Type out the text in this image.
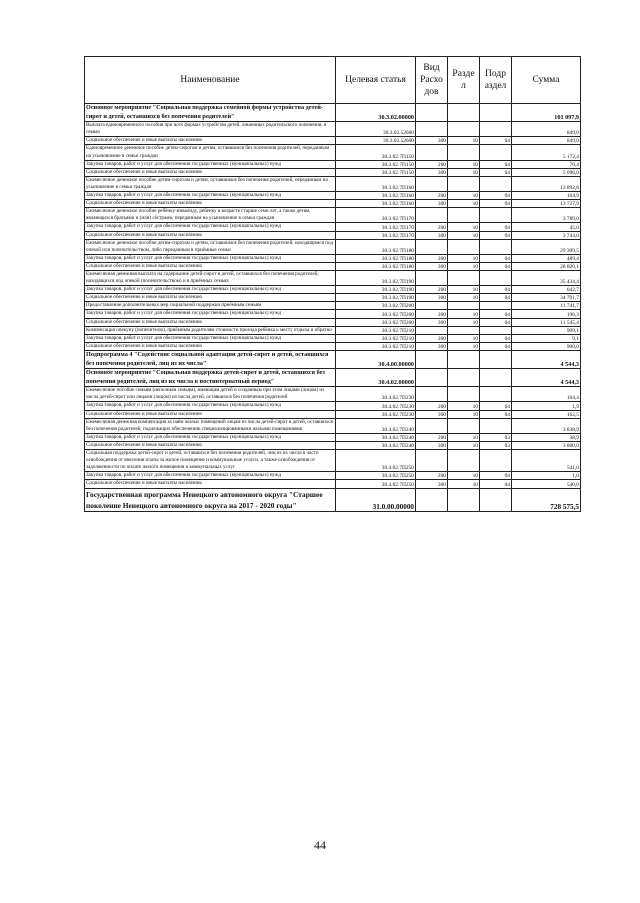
Наименование	Целевая статья	Вид Расхо дов	Разде л	Подр аздел	Сумма
Основное мероприятие "Социальная поддержка семейной формы устройства детей-сирот и детей, оставшихся без попечения родителей"	30.3.02.00000				101 097,9
Выплата единовременного пособия при всех формах устройства детей, лишенных родительского попечения, в семью	30.3.02.52600				849,0
Социальное обеспечение и иные выплаты населению	30.3.02.52600	300	10	04	849,0
Единовременное денежное пособие детям-сиротам и детям, оставшимся без попечения родителей, переданным на усыновление в семьи граждан	30.3.02.7П150				5 172,4
Закупка товаров, работ и услуг для обеспечения государственных (муниципальных) нужд	30.3.02.7П150	200	10	04	76,4
Социальное обеспечение и иные выплаты населению	30.3.02.7П150	300	10	04	5 096,0
Ежемесячное денежное пособие детям-сиротам и детям, оставшимся без попечения родителей, переданным на усыновление в семьи граждан	30.3.02.7П160				13 892,8
Закупка товаров, работ и услуг для обеспечения государственных (муниципальных) нужд	30.3.02.7П160	200	10	04	164,9
Социальное обеспечение и иные выплаты населению	30.3.02.7П160	300	10	04	13 727,9
Ежемесячное денежное пособие ребёнку-инвалиду, ребенку в возрасте старше семи лет, а также детям, являющихся братьями и (или) сёстрами, переданным на усыновление в семьи граждан	30.3.02.7П170				3 789,0
Закупка товаров, работ и услуг для обеспечения государственных (муниципальных) нужд	30.3.02.7П170	200	10	04	45,0
Социальное обеспечение и иные выплаты населению	30.3.02.7П170	300	10	04	3 744,0
Ежемесячное денежное пособие детям-сиротам и детям, оставшимся без попечения родителей, находящимся под опекой или попечительством, либо переданным в приёмные семьи	30.3.02.7П180				29 309,5
Закупка товаров, работ и услуг для обеспечения государственных (муниципальных) нужд	30.3.02.7П180	200	10	04	489,4
Социальное обеспечение и иные выплаты населению	30.3.02.7П180	300	10	04	28 820,1
Ежемесячная денежная выплата на содержание детей-сирот и детей, оставшихся без попечения родителей, находящихся под опекой (попечительством) и в приёмных семьях	30.3.02.7П190				35 434,4
Закупка товаров, работ и услуг для обеспечения государственных (муниципальных) нужд	30.3.02.7П190	200	10	04	642,7
Социальное обеспечение и иные выплаты населению	30.3.02.7П190	300	10	04	34 791,7
Предоставление дополнительных мер социальной поддержки приёмным семьям	30.3.02.7П200				11 741,7
Закупка товаров, работ и услуг для обеспечения государственных (муниципальных) нужд	30.3.02.7П200	200	10	04	196,3
Социальное обеспечение и иные выплаты населению	30.3.02.7П200	300	10	04	11 545,4
Компенсация опекуну (попечителю), приёмным родителям стоимости проезда ребёнка к месту отдыха и обратно	30.3.02.7П210				909,1
Закупка товаров, работ и услуг для обеспечения государственных (муниципальных) нужд	30.3.02.7П210	200	10	04	9,1
Социальное обеспечение и иные выплаты населению	30.3.02.7П210	300	10	04	900,0
Подпрограмма 4 "Содействие социальной адаптации детей-сирот и детей, оставшихся без попечения родителей, лиц из их числа"	30.4.00.00000				4 544,3
Основное мероприятие "Социальная поддержка детей-сирот и детей, оставшихся без попечения родителей, лиц из их числа в постинтернатный период"	30.4.02.00000				4 544,3
Ежемесячное пособие семьям (неполным семьям), имеющим детей и созданным при этом лицами (лицом) из числа детей-сирот или лицами (лицом) из числа детей, оставшихся без попечения родителей	30.4.02.7П230				164,4
Закупка товаров, работ и услуг для обеспечения государственных (муниципальных) нужд	30.4.02.7П230	200	10	04	1,9
Социальное обеспечение и иные выплаты населению	30.4.02.7П230	300	10	04	162,5
Ежемесячная денежная компенсация за наём жилых помещений лицам из числа детей-сирот и детей, оставшихся без попечения родителей, подлежащих обеспечению специализированными жилыми помещениями	30.4.02.7П240				3 838,9
Закупка товаров, работ и услуг для обеспечения государственных (муниципальных) нужд	30.4.02.7П240	200	10	03	38,9
Социальное обеспечение и иные выплаты населению	30.4.02.7П240	300	10	03	3 800,0
Социальная поддержка детей-сирот и детей, оставшихся без попечения родителей, лиц из их числа в части освобождения от внесения платы за жилое помещение и коммунальные услуги, а также освобождения от задолженности по оплате жилого помещения и коммунальных услуг	30.4.02.7П250				541,0
Закупка товаров, работ и услуг для обеспечения государственных (муниципальных) нужд	30.4.02.7П250	200	10	04	1,0
Социальное обеспечение и иные выплаты населению	30.4.02.7П250	300	10	04	540,0
Государственная программа Ненецкого автономного округа "Старшее поколение Ненецкого автономного округа на 2017 - 2020 годы"	31.0.00.00000				728 575,5
44
